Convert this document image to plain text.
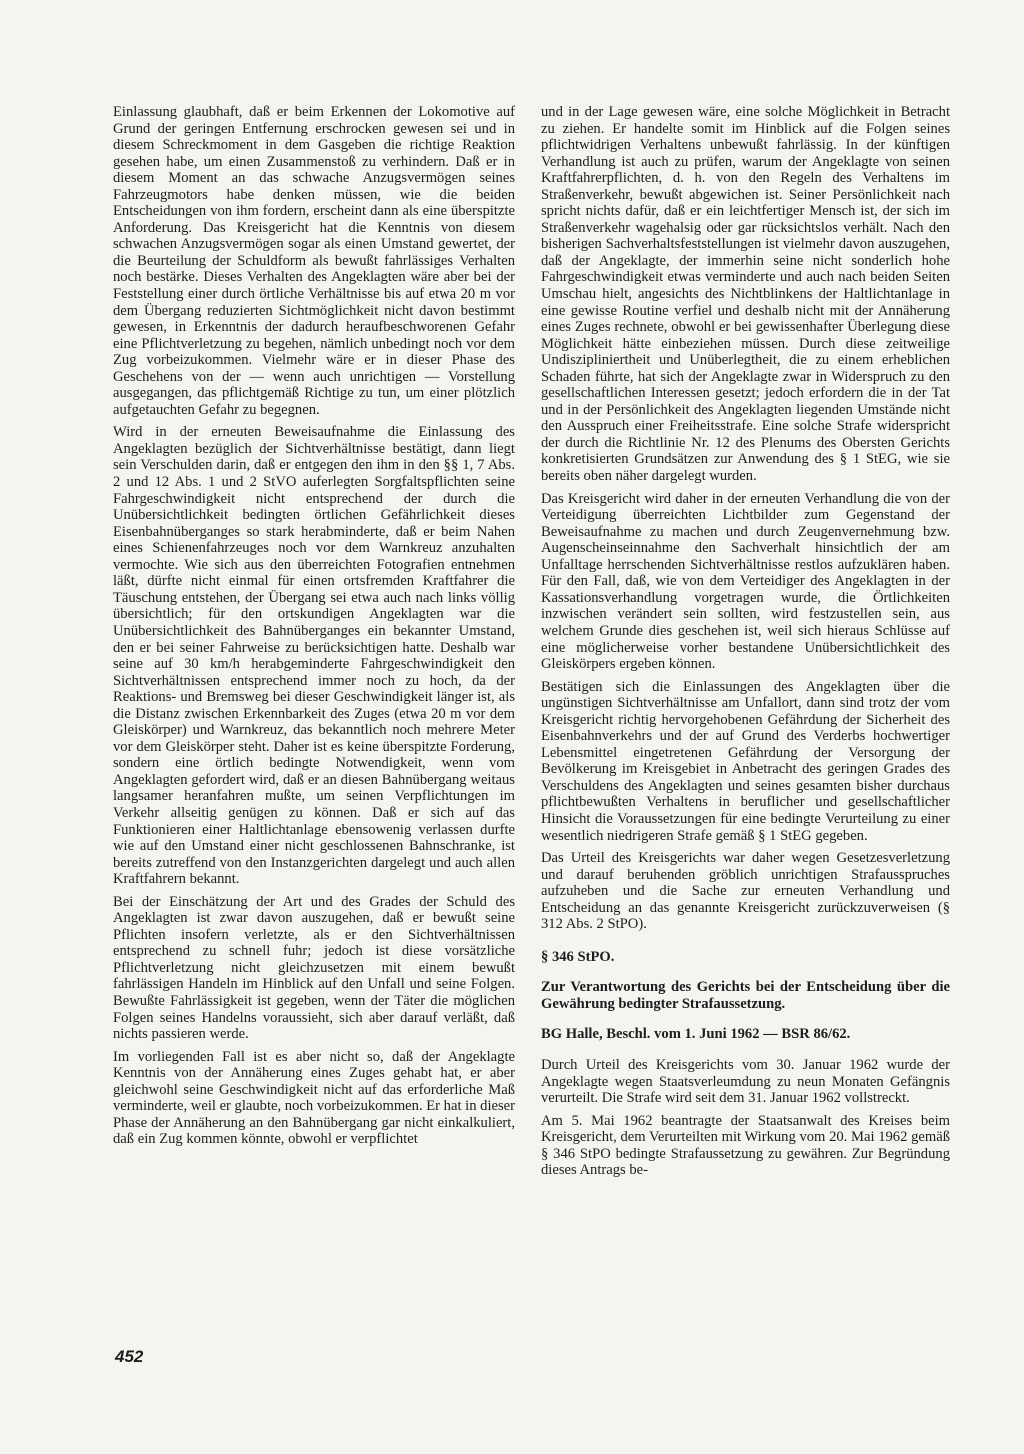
Einlassung glaubhaft, daß er beim Erkennen der Lokomotive auf Grund der geringen Entfernung erschrocken gewesen sei und in diesem Schreckmoment in dem Gasgeben die richtige Reaktion gesehen habe, um einen Zusammenstoß zu verhindern. Daß er in diesem Moment an das schwache Anzugsvermögen seines Fahrzeugmotors habe denken müssen, wie die beiden Entscheidungen von ihm fordern, erscheint dann als eine überspitzte Anforderung. Das Kreisgericht hat die Kenntnis von diesem schwachen Anzugsvermögen sogar als einen Umstand gewertet, der die Beurteilung der Schuldform als bewußt fahrlässiges Verhalten noch bestärke. Dieses Verhalten des Angeklagten wäre aber bei der Feststellung einer durch örtliche Verhältnisse bis auf etwa 20 m vor dem Übergang reduzierten Sichtmöglichkeit nicht davon bestimmt gewesen, in Erkenntnis der dadurch heraufbeschworenen Gefahr eine Pflichtverletzung zu begehen, nämlich unbedingt noch vor dem Zug vorbeizukommen. Vielmehr wäre er in dieser Phase des Geschehens von der — wenn auch unrichtigen — Vorstellung ausgegangen, das pflichtgemäß Richtige zu tun, um einer plötzlich aufgetauchten Gefahr zu begegnen.

Wird in der erneuten Beweisaufnahme die Einlassung des Angeklagten bezüglich der Sichtverhältnisse bestätigt, dann liegt sein Verschulden darin, daß er entgegen den ihm in den §§ 1, 7 Abs. 2 und 12 Abs. 1 und 2 StVO auferlegten Sorgfaltspflichten seine Fahrgeschwindigkeit nicht entsprechend der durch die Unübersichtlichkeit bedingten örtlichen Gefährlichkeit dieses Eisenbahnüberganges so stark herabminderte, daß er beim Nahen eines Schienenfahrzeuges noch vor dem Warnkreuz anzuhalten vermochte. Wie sich aus den überreichten Fotografien entnehmen läßt, dürfte nicht einmal für einen ortsfremden Kraftfahrer die Täuschung entstehen, der Übergang sei etwa auch nach links völlig übersichtlich; für den ortskundigen Angeklagten war die Unübersichtlichkeit des Bahnüberganges ein bekannter Umstand, den er bei seiner Fahrweise zu berücksichtigen hatte. Deshalb war seine auf 30 km/h herabgeminderte Fahrgeschwindigkeit den Sichtverhältnissen entsprechend immer noch zu hoch, da der Reaktions- und Bremsweg bei dieser Geschwindigkeit länger ist, als die Distanz zwischen Erkennbarkeit des Zuges (etwa 20 m vor dem Gleiskörper) und Warnkreuz, das bekanntlich noch mehrere Meter vor dem Gleiskörper steht. Daher ist es keine überspitzte Forderung, sondern eine örtlich bedingte Notwendigkeit, wenn vom Angeklagten gefordert wird, daß er an diesen Bahnübergang weitaus langsamer heranfahren mußte, um seinen Verpflichtungen im Verkehr allseitig genügen zu können. Daß er sich auf das Funktionieren einer Haltlichtanlage ebensowenig verlassen durfte wie auf den Umstand einer nicht geschlossenen Bahnschranke, ist bereits zutreffend von den Instanzgerichten dargelegt und auch allen Kraftfahrern bekannt.

Bei der Einschätzung der Art und des Grades der Schuld des Angeklagten ist zwar davon auszugehen, daß er bewußt seine Pflichten insofern verletzte, als er den Sichtverhältnissen entsprechend zu schnell fuhr; jedoch ist diese vorsätzliche Pflichtverletzung nicht gleichzusetzen mit einem bewußt fahrlässigen Handeln im Hinblick auf den Unfall und seine Folgen. Bewußte Fahrlässigkeit ist gegeben, wenn der Täter die möglichen Folgen seines Handelns voraussieht, sich aber darauf verläßt, daß nichts passieren werde.

Im vorliegenden Fall ist es aber nicht so, daß der Angeklagte Kenntnis von der Annäherung eines Zuges gehabt hat, er aber gleichwohl seine Geschwindigkeit nicht auf das erforderliche Maß verminderte, weil er glaubte, noch vorbeizukommen. Er hat in dieser Phase der Annäherung an den Bahnübergang gar nicht einkalkuliert, daß ein Zug kommen könnte, obwohl er verpflichtet

und in der Lage gewesen wäre, eine solche Möglichkeit in Betracht zu ziehen. Er handelte somit im Hinblick auf die Folgen seines pflichtwidrigen Verhaltens unbewußt fahrlässig. In der künftigen Verhandlung ist auch zu prüfen, warum der Angeklagte von seinen Kraftfahrerpflichten, d. h. von den Regeln des Verhaltens im Straßenverkehr, bewußt abgewichen ist. Seiner Persönlichkeit nach spricht nichts dafür, daß er ein leichtfertiger Mensch ist, der sich im Straßenverkehr wagehalsig oder gar rücksichtslos verhält. Nach den bisherigen Sachverhaltsfeststellungen ist vielmehr davon auszugehen, daß der Angeklagte, der immerhin seine nicht sonderlich hohe Fahrgeschwindigkeit etwas verminderte und auch nach beiden Seiten Umschau hielt, angesichts des Nichtblinkens der Haltlichtanlage in eine gewisse Routine verfiel und deshalb nicht mit der Annäherung eines Zuges rechnete, obwohl er bei gewissenhafter Überlegung diese Möglichkeit hätte einbeziehen müssen. Durch diese zeitweilige Undiszipliniertheit und Unüberlegtheit, die zu einem erheblichen Schaden führte, hat sich der Angeklagte zwar in Widerspruch zu den gesellschaftlichen Interessen gesetzt; jedoch erfordern die in der Tat und in der Persönlichkeit des Angeklagten liegenden Umstände nicht den Ausspruch einer Freiheitsstrafe. Eine solche Strafe widerspricht der durch die Richtlinie Nr. 12 des Plenums des Obersten Gerichts konkretisierten Grundsätzen zur Anwendung des § 1 StEG, wie sie bereits oben näher dargelegt wurden.

Das Kreisgericht wird daher in der erneuten Verhandlung die von der Verteidigung überreichten Lichtbilder zum Gegenstand der Beweisaufnahme zu machen und durch Zeugenvernehmung bzw. Augenscheinseinnahme den Sachverhalt hinsichtlich der am Unfalltage herrschenden Sichtverhältnisse restlos aufzuklären haben. Für den Fall, daß, wie von dem Verteidiger des Angeklagten in der Kassationsverhandlung vorgetragen wurde, die Örtlichkeiten inzwischen verändert sein sollten, wird festzustellen sein, aus welchem Grunde dies geschehen ist, weil sich hieraus Schlüsse auf eine möglicherweise vorher bestandene Unübersichtlichkeit des Gleiskörpers ergeben können.

Bestätigen sich die Einlassungen des Angeklagten über die ungünstigen Sichtverhältnisse am Unfallort, dann sind trotz der vom Kreisgericht richtig hervorgehobenen Gefährdung der Sicherheit des Eisenbahnverkehrs und der auf Grund des Verderbs hochwertiger Lebensmittel eingetretenen Gefährdung der Versorgung der Bevölkerung im Kreisgebiet in Anbetracht des geringen Grades des Verschuldens des Angeklagten und seines gesamten bisher durchaus pflichtbewußten Verhaltens in beruflicher und gesellschaftlicher Hinsicht die Voraussetzungen für eine bedingte Verurteilung zu einer wesentlich niedrigeren Strafe gemäß § 1 StEG gegeben.

Das Urteil des Kreisgerichts war daher wegen Gesetzesverletzung und darauf beruhenden gröblich unrichtigen Strafausspruches aufzuheben und die Sache zur erneuten Verhandlung und Entscheidung an das genannte Kreisgericht zurückzuverweisen (§ 312 Abs. 2 StPO).

§ 346 StPO.

Zur Verantwortung des Gerichts bei der Entscheidung über die Gewährung bedingter Strafaussetzung.

BG Halle, Beschl. vom 1. Juni 1962 — BSR 86/62.

Durch Urteil des Kreisgerichts vom 30. Januar 1962 wurde der Angeklagte wegen Staatsverleumdung zu neun Monaten Gefängnis verurteilt. Die Strafe wird seit dem 31. Januar 1962 vollstreckt.

Am 5. Mai 1962 beantragte der Staatsanwalt des Kreises beim Kreisgericht, dem Verurteilten mit Wirkung vom 20. Mai 1962 gemäß § 346 StPO bedingte Strafaussetzung zu gewähren. Zur Begründung dieses Antrags be-

452
